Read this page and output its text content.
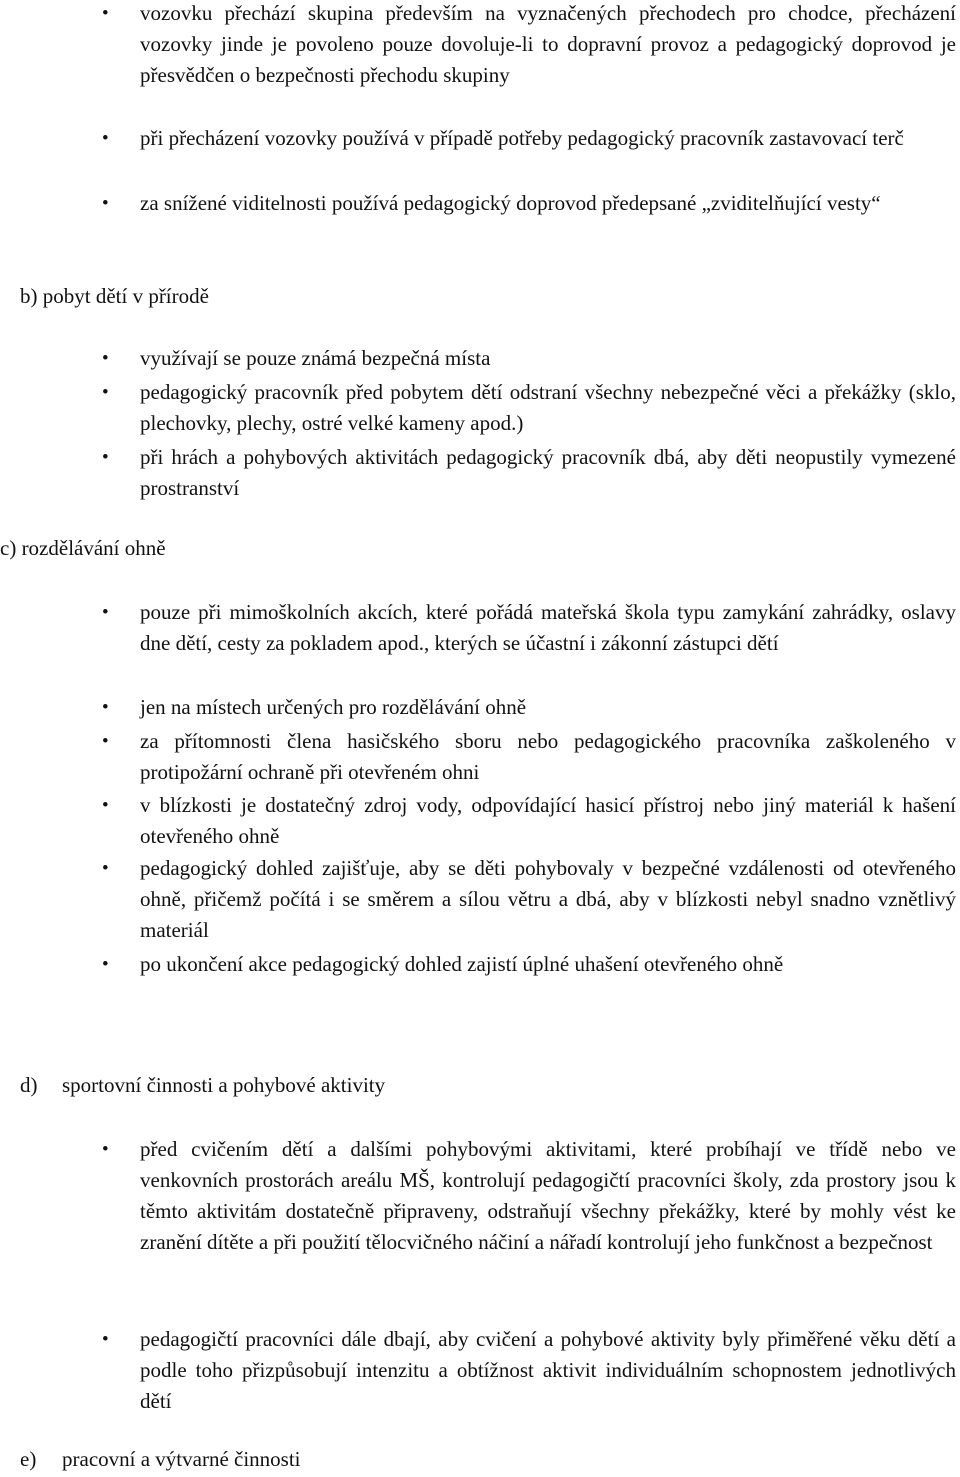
• vozovku přechází skupina především na vyznačených přechodech pro chodce, přecházení vozovky jinde je povoleno pouze dovoluje-li to dopravní provoz a pedagogický doprovod je přesvědčen o bezpečnosti přechodu skupiny
• při přecházení vozovky používá v případě potřeby pedagogický pracovník zastavovací terč
• za snížené viditelnosti používá pedagogický doprovod předepsané „zviditelňující vesty“
b) pobyt dětí v přírodě
• využívají se pouze známá bezpečná místa
• pedagogický pracovník před pobytem dětí odstraní všechny nebezpečné věci a překážky (sklo, plechovky, plechy, ostré velké kameny apod.)
• při hrách a pohybových aktivitách pedagogický pracovník dbá, aby děti neopustily vymezené prostranství
c) rozdělávání ohně
• pouze při mimoškolních akcích, které pořádá mateřská škola typu zamykání zahrádky, oslavy dne dětí, cesty za pokladem apod., kterých se účastní i zákonní zástupci dětí
• jen na místech určených pro rozdělávání ohně
• za přítomnosti člena hasičského sboru nebo pedagogického pracovníka zaškoleného v protipožární ochraně při otevřeném ohni
• v blízkosti je dostatečný zdroj vody, odpovídající hasicí přístroj nebo jiný materiál k hašení otevřeného ohně
• pedagogický dohled zajišťuje, aby se děti pohybovaly v bezpečné vzdálenosti od otevřeného ohně, přičemž počítá i se směrem a sílou větru a dbá, aby v blízkosti nebyl snadno vznětlivý materiál
• po ukončení akce pedagogický dohled zajistí úplné uhašení otevřeného ohně
d) sportovní činnosti a pohybové aktivity
• před cvičením dětí a dalšími pohybovými aktivitami, které probíhají ve třídě nebo ve venkovních prostorách areálu MŠ, kontrolují pedagogičtí pracovníci školy, zda prostory jsou k těmto aktivitám dostatečně připraveny, odstraňují všechny překážky, které by mohly vést ke zranění dítěte a při použití tělocvičného náčiní a nářadí kontrolují jeho funkčnost a bezpečnost
• pedagogičtí pracovníci dále dbají, aby cvičení a pohybové aktivity byly přiměřené věku dětí a podle toho přizpůsobují intenzitu a obtížnost aktivit individuálním schopnostem jednotlivých dětí
e) pracovní a výtvarné činnosti
